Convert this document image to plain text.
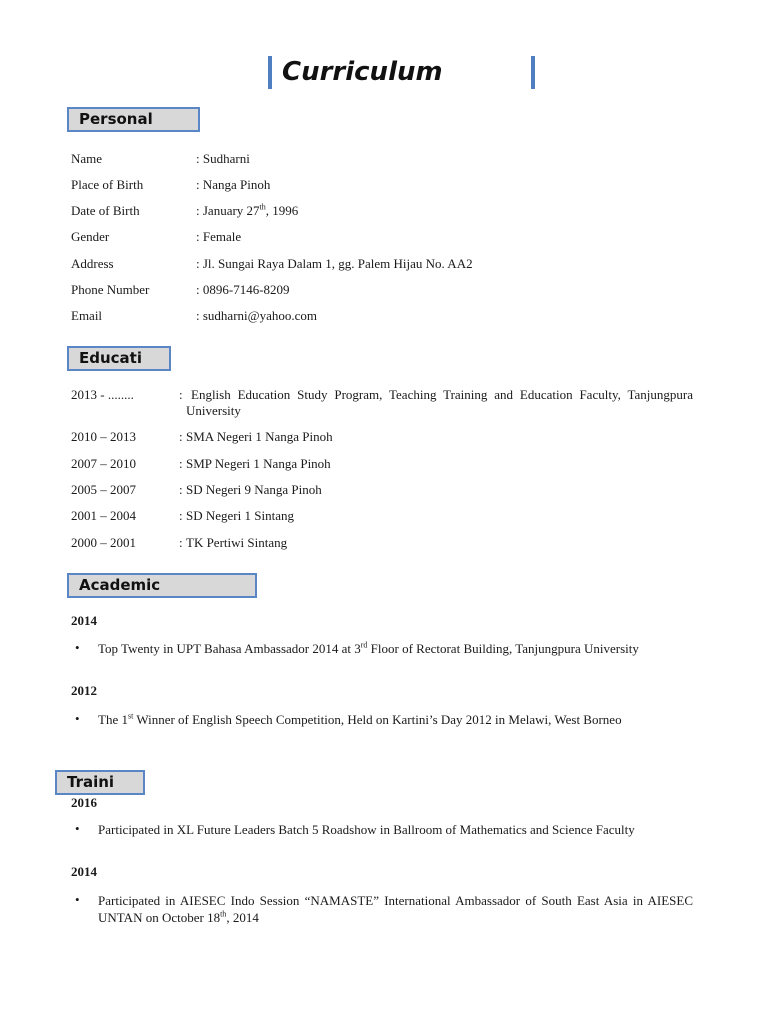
Curriculum
Personal
Name	: Sudharni
Place of Birth	: Nanga Pinoh
Date of Birth	: January 27th, 1996
Gender	: Female
Address	: Jl. Sungai Raya Dalam 1, gg. Palem Hijau No. AA2
Phone Number	: 0896-7146-8209
Email	: sudharni@yahoo.com
Educati
2013 - ........	: English Education Study Program, Teaching Training and Education Faculty, Tanjungpura University
2010 – 2013	: SMA Negeri 1 Nanga Pinoh
2007 – 2010	: SMP Negeri 1 Nanga Pinoh
2005 – 2007	: SD Negeri 9 Nanga Pinoh
2001 – 2004	: SD Negeri 1 Sintang
2000 – 2001	: TK Pertiwi Sintang
Academic
2014
• Top Twenty in UPT Bahasa Ambassador 2014 at 3rd Floor of Rectorat Building, Tanjungpura University
2012
• The 1st Winner of English Speech Competition, Held on Kartini’s Day 2012 in Melawi, West Borneo
Traini
2016
• Participated in XL Future Leaders Batch 5 Roadshow in Ballroom of Mathematics and Science Faculty
2014
• Participated in AIESEC Indo Session “NAMASTE” International Ambassador of South East Asia in AIESEC UNTAN on October 18th, 2014
